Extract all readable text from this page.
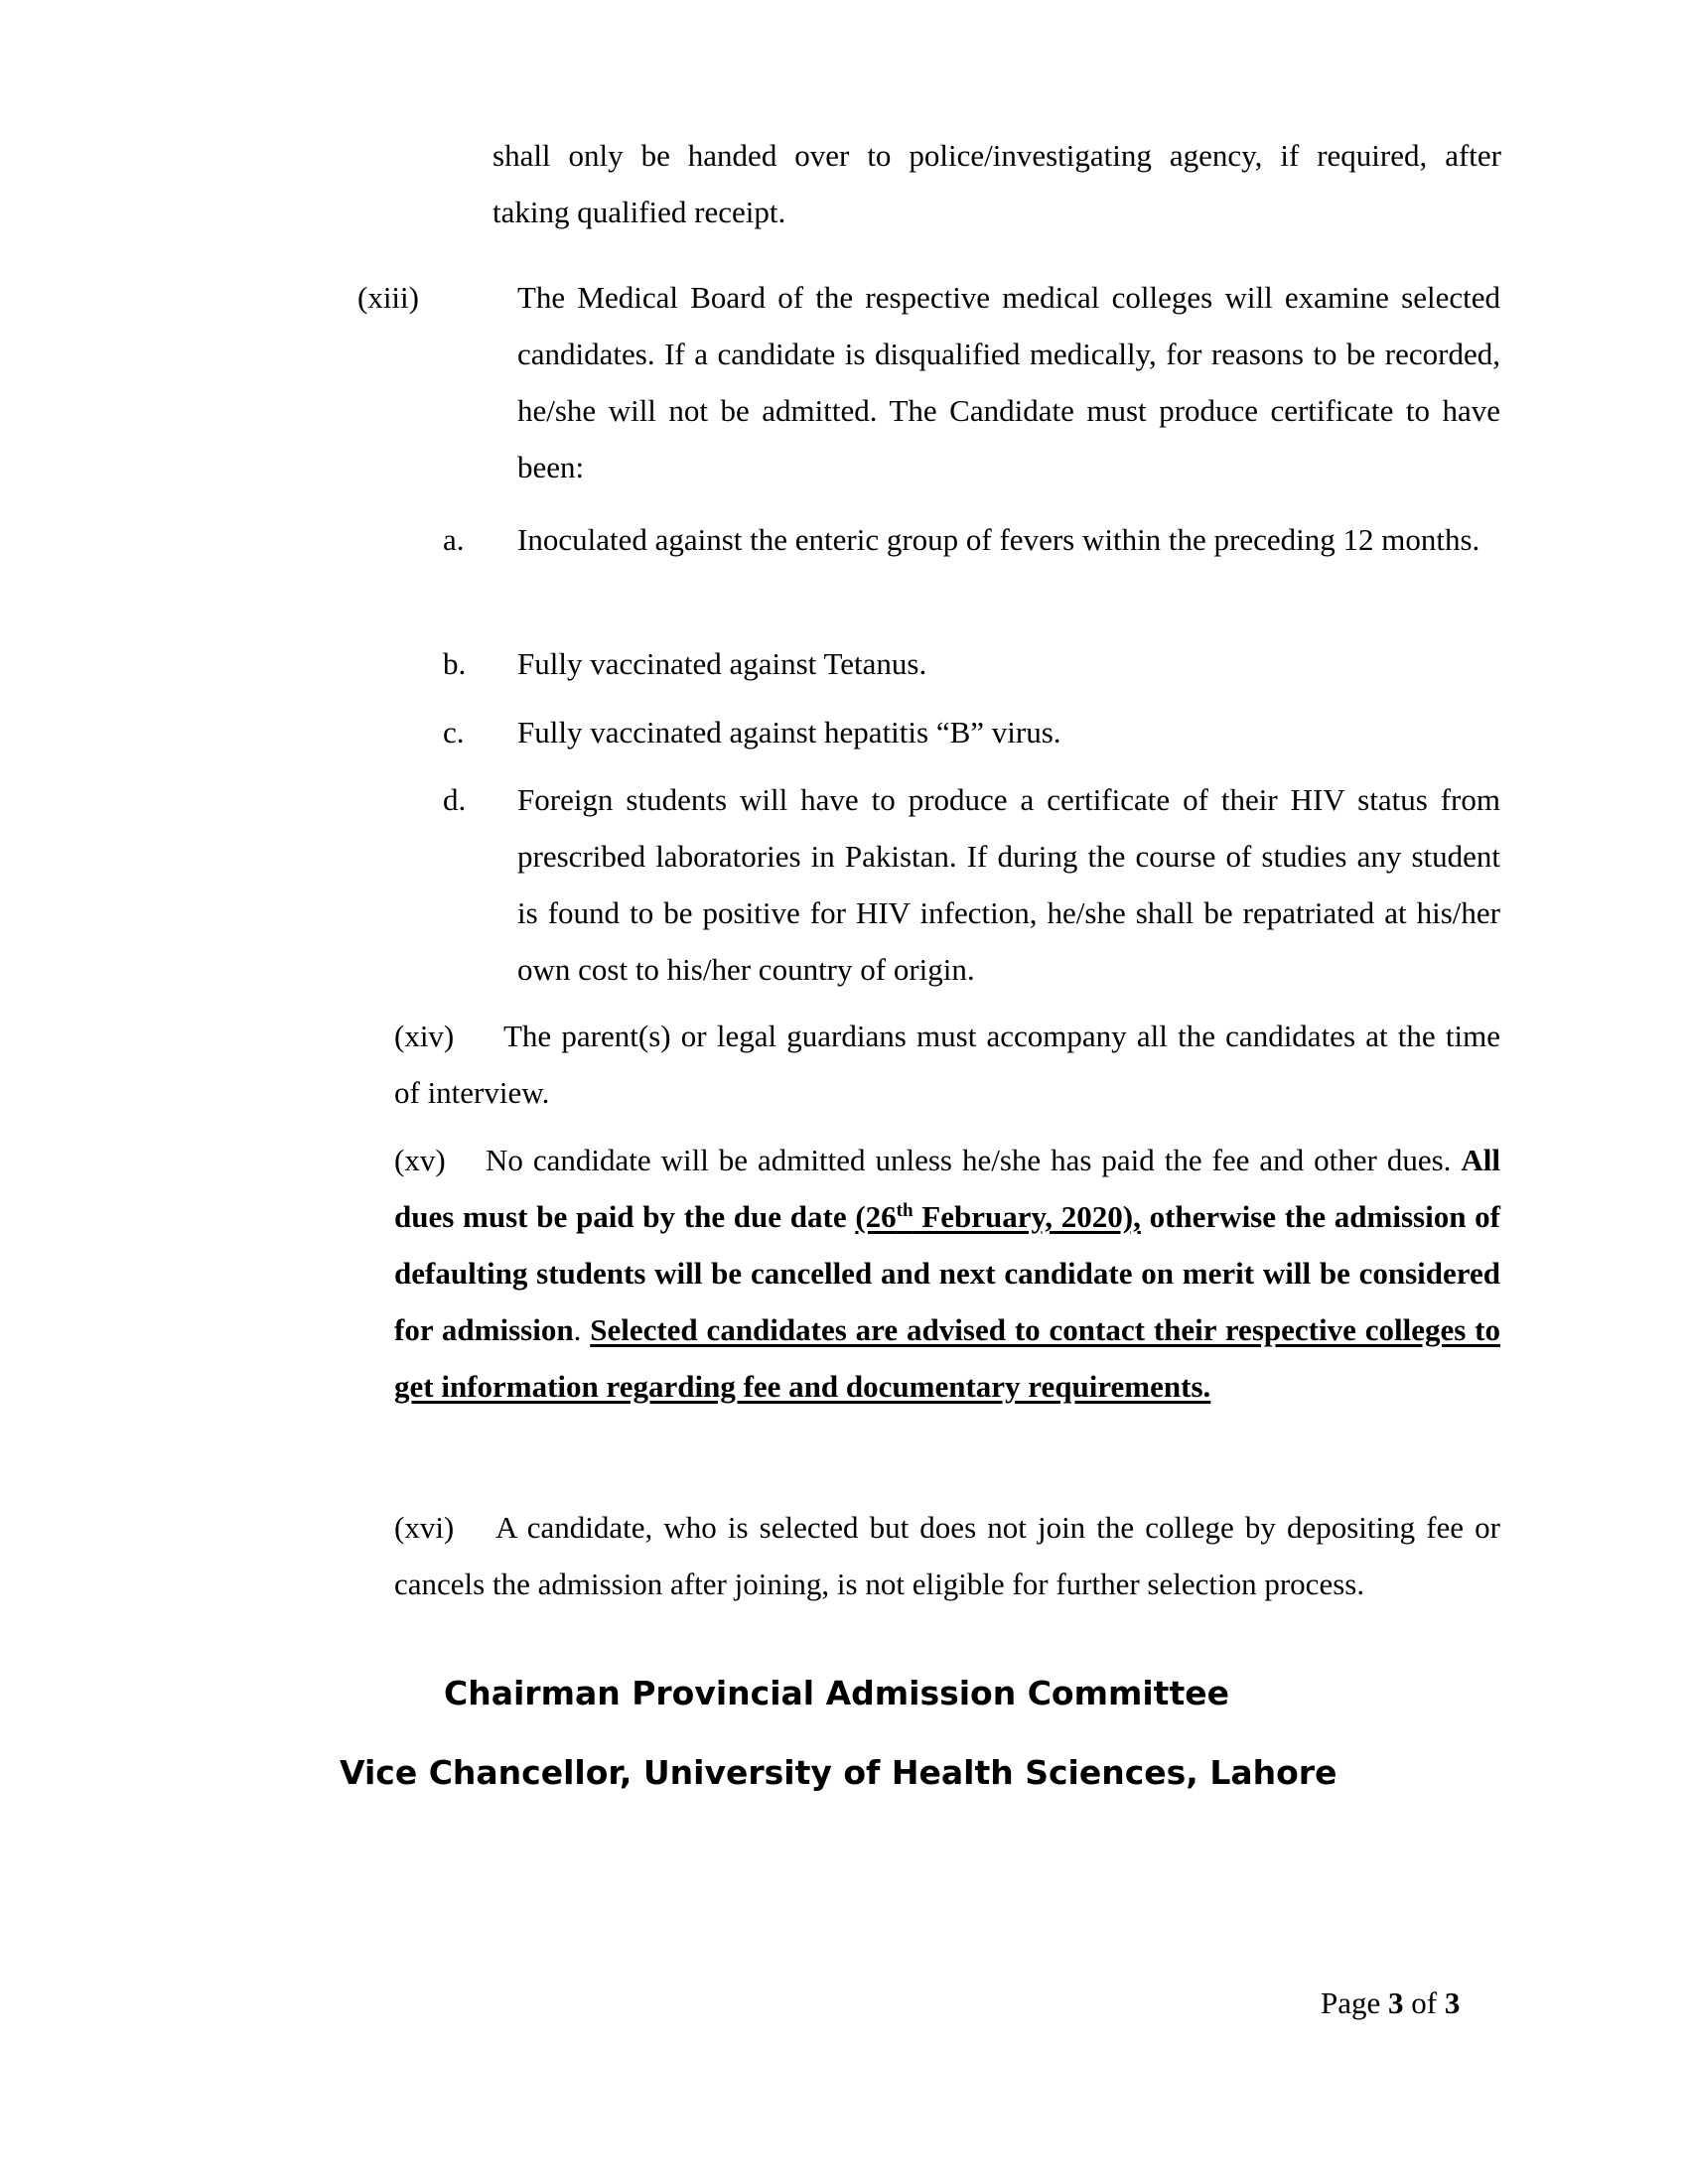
shall only be handed over to police/investigating agency, if required, after
taking qualified receipt.
(xiii)	The Medical Board of the respective medical colleges will examine selected candidates. If a candidate is disqualified medically, for reasons to be recorded, he/she will not be admitted. The Candidate must produce certificate to have been:
a. Inoculated against the enteric group of fevers within the preceding 12 months.
b. Fully vaccinated against Tetanus.
c. Fully vaccinated against hepatitis “B” virus.
d. Foreign students will have to produce a certificate of their HIV status from prescribed laboratories in Pakistan. If during the course of studies any student is found to be positive for HIV infection, he/she shall be repatriated at his/her own cost to his/her country of origin.
(xiv) The parent(s) or legal guardians must accompany all the candidates at the time of interview.
(xv) No candidate will be admitted unless he/she has paid the fee and other dues. All dues must be paid by the due date (26th February, 2020), otherwise the admission of defaulting students will be cancelled and next candidate on merit will be considered for admission. Selected candidates are advised to contact their respective colleges to get information regarding fee and documentary requirements.
(xvi) A candidate, who is selected but does not join the college by depositing fee or cancels the admission after joining, is not eligible for further selection process.
Chairman Provincial Admission Committee
Vice Chancellor, University of Health Sciences, Lahore
Page 3 of 3
